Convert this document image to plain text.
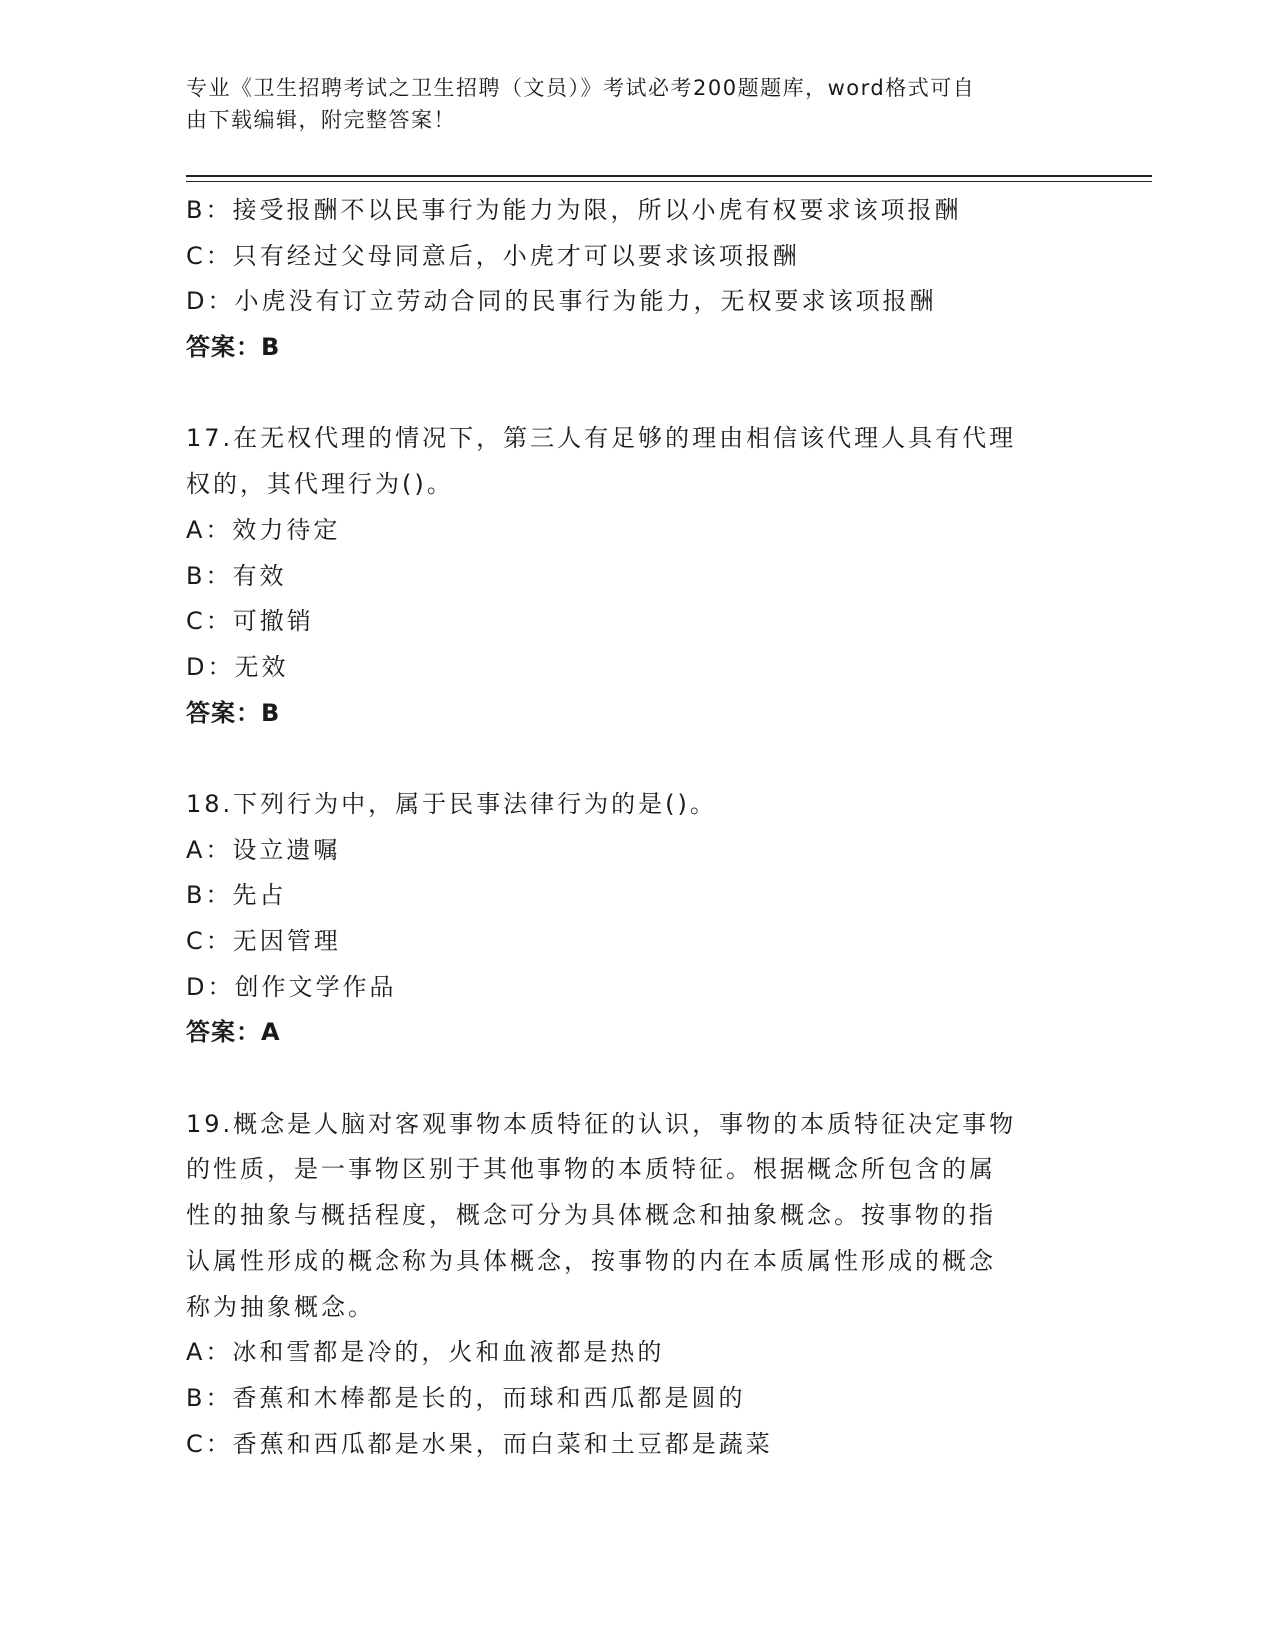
专业《卫生招聘考试之卫生招聘（文员）》考试必考200题题库，word格式可自
由下载编辑，附完整答案！
B：接受报酬不以民事行为能力为限，所以小虎有权要求该项报酬
C：只有经过父母同意后，小虎才可以要求该项报酬
D：小虎没有订立劳动合同的民事行为能力，无权要求该项报酬
答案：B
17.在无权代理的情况下，第三人有足够的理由相信该代理人具有代理
权的，其代理行为()。
A：效力待定
B：有效
C：可撤销
D：无效
答案：B
18.下列行为中，属于民事法律行为的是()。
A：设立遗嘱
B：先占
C：无因管理
D：创作文学作品
答案：A
19.概念是人脑对客观事物本质特征的认识，事物的本质特征决定事物
的性质，是一事物区别于其他事物的本质特征。根据概念所包含的属
性的抽象与概括程度，概念可分为具体概念和抽象概念。按事物的指
认属性形成的概念称为具体概念，按事物的内在本质属性形成的概念
称为抽象概念。
A：冰和雪都是冷的，火和血液都是热的
B：香蕉和木棒都是长的，而球和西瓜都是圆的
C：香蕉和西瓜都是水果，而白菜和土豆都是蔬菜
